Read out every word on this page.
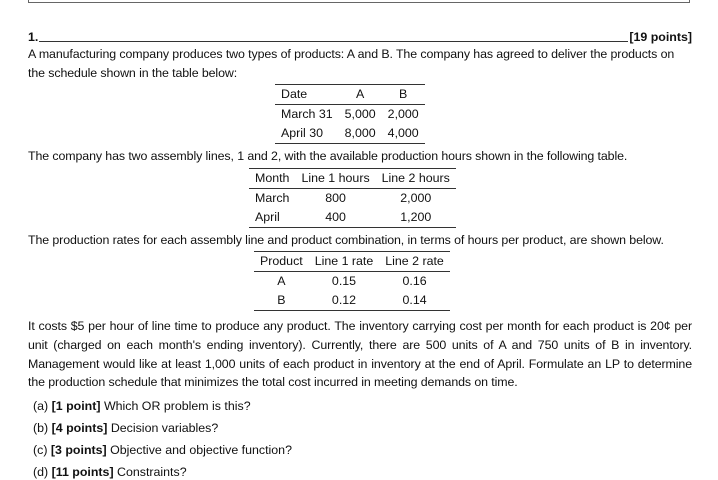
1.	[19 points]

A manufacturing company produces two types of products: A and B. The company has agreed to deliver the products on the schedule shown in the table below:

Date	A	B
March 31	5,000	2,000
April 30	8,000	4,000

The company has two assembly lines, 1 and 2, with the available production hours shown in the following table.

Month	Line 1 hours	Line 2 hours
March	800	2,000
April	400	1,200

The production rates for each assembly line and product combination, in terms of hours per product, are shown below.

Product	Line 1 rate	Line 2 rate
A	0.15	0.16
B	0.12	0.14

It costs $5 per hour of line time to produce any product. The inventory carrying cost per month for each product is 20¢ per unit (charged on each month's ending inventory). Currently, there are 500 units of A and 750 units of B in inventory. Management would like at least 1,000 units of each product in inventory at the end of April. Formulate an LP to determine the production schedule that minimizes the total cost incurred in meeting demands on time.

(a) [1 point] Which OR problem is this?
(b) [4 points] Decision variables?
(c) [3 points] Objective and objective function?
(d) [11 points] Constraints?
